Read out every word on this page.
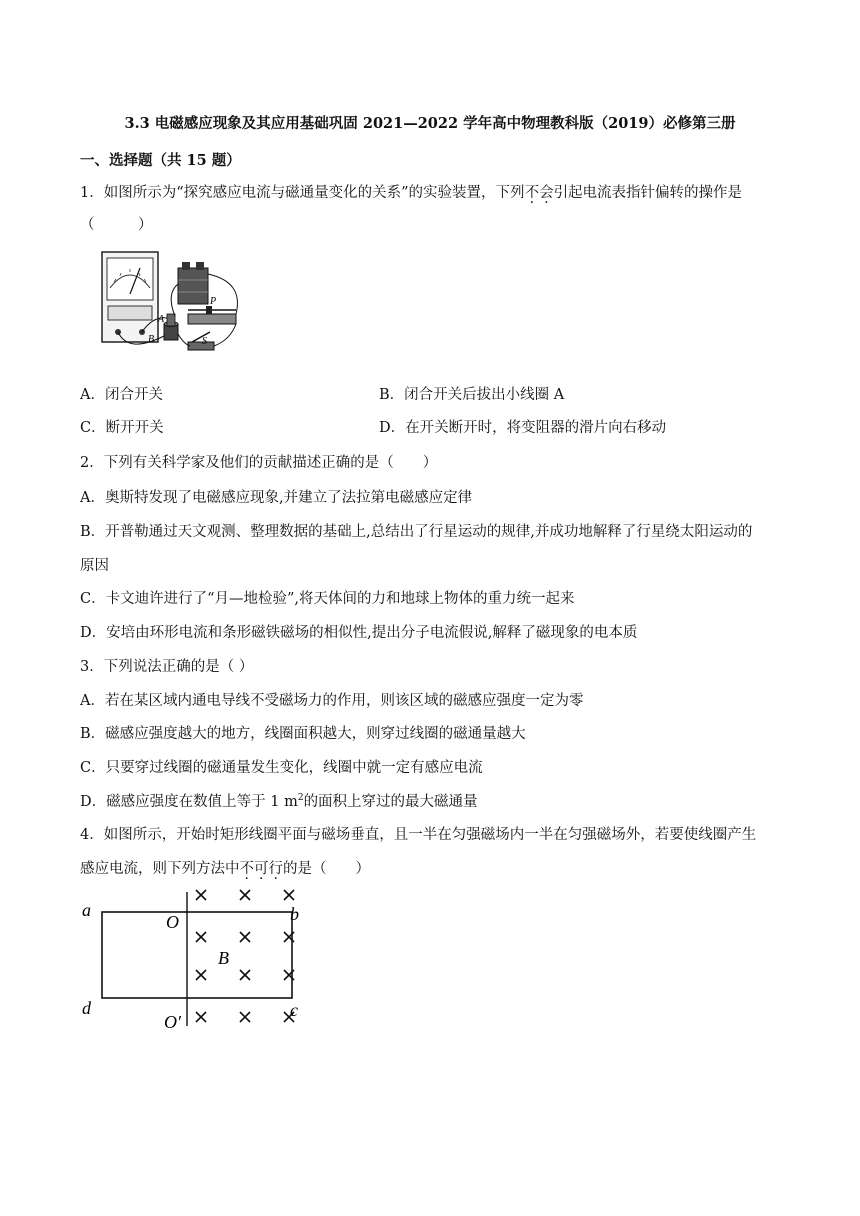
3.3 电磁感应现象及其应用基础巩固 2021—2022 学年高中物理教科版（2019）必修第三册
一、选择题（共 15 题）
1．如图所示为“探究感应电流与磁通量变化的关系”的实验装置，下列不会引起电流表指针偏转的操作是
（　　　）
A
B
P
S
A．闭合开关	B．闭合开关后拔出小线圈 A
C．断开开关	D．在开关断开时，将变阻器的滑片向右移动
2．下列有关科学家及他们的贡献描述正确的是（　　）
A．奥斯特发现了电磁感应现象,并建立了法拉第电磁感应定律
B．开普勒通过天文观测、整理数据的基础上,总结出了行星运动的规律,并成功地解释了行星绕太阳运动的
原因
C．卡文迪许进行了“月—地检验”,将天体间的力和地球上物体的重力统一起来
D．安培由环形电流和条形磁铁磁场的相似性,提出分子电流假说,解释了磁现象的电本质
3．下列说法正确的是（ ）
A．若在某区域内通电导线不受磁场力的作用，则该区域的磁感应强度一定为零
B．磁感应强度越大的地方，线圈面积越大，则穿过线圈的磁通量越大
C．只要穿过线圈的磁通量发生变化，线圈中就一定有感应电流
D．磁感应强度在数值上等于 1 $m^2$的面积上穿过的最大磁通量
4．如图所示，开始时矩形线圈平面与磁场垂直，且一半在匀强磁场内一半在匀强磁场外，若要使线圈产生
感应电流，则下列方法中不可行的是（　　）
a	b
c
d
O
O′
B
